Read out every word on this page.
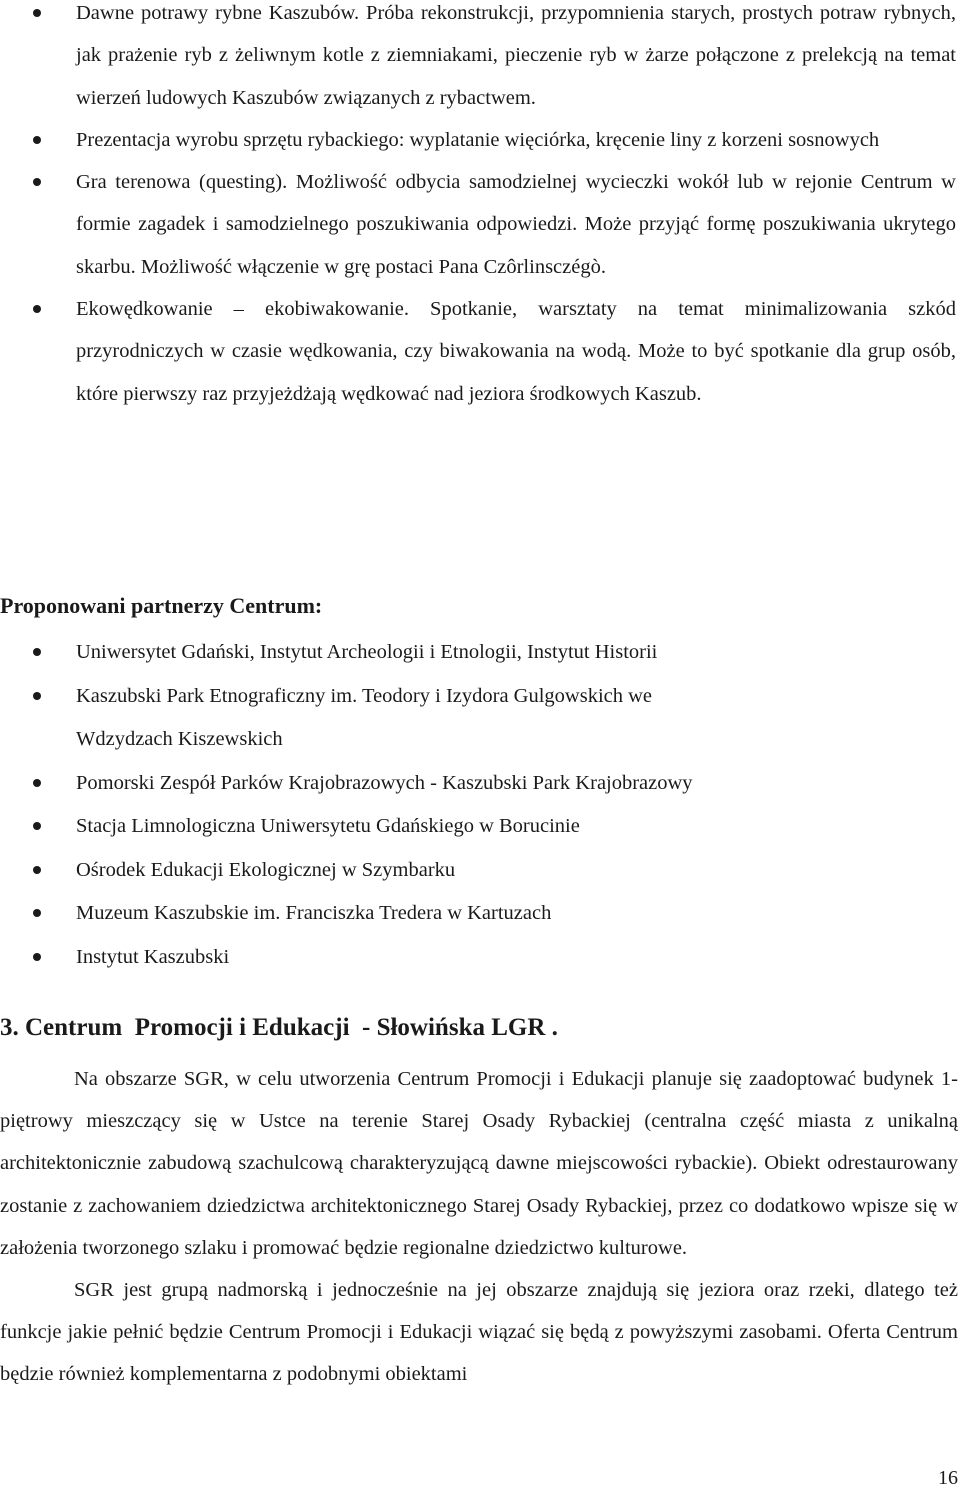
Dawne potrawy rybne Kaszubów. Próba rekonstrukcji, przypomnienia starych, prostych potraw rybnych, jak prażenie ryb z żeliwnym kotle z ziemniakami, pieczenie ryb w żarze połączone z prelekcją na temat wierzeń ludowych Kaszubów związanych z rybactwem.
Prezentacja wyrobu sprzętu rybackiego: wyplatanie więciórka, kręcenie liny z korzeni sosnowych
Gra terenowa (questing). Możliwość odbycia samodzielnej wycieczki wokół lub w rejonie Centrum w formie zagadek i samodzielnego poszukiwania odpowiedzi. Może przyjąć formę poszukiwania ukrytego skarbu. Możliwość włączenie w grę postaci Pana Czôrlinsczégò.
Ekowędkowanie – ekobiwakowanie. Spotkanie, warsztaty na temat minimalizowania szkód przyrodniczych w czasie wędkowania, czy biwakowania na wodą. Może to być spotkanie dla grup osób, które pierwszy raz przyjeżdżają wędkować nad jeziora środkowych Kaszub.
Proponowani partnerzy Centrum:
Uniwersytet Gdański, Instytut Archeologii i Etnologii, Instytut Historii
Kaszubski Park Etnograficzny im. Teodory i Izydora Gulgowskich we Wdzydzach Kiszewskich
Pomorski Zespół Parków Krajobrazowych - Kaszubski Park Krajobrazowy
Stacja Limnologiczna Uniwersytetu Gdańskiego w Borucinie
Ośrodek Edukacji Ekologicznej w Szymbarku
Muzeum Kaszubskie im. Franciszka Tredera w Kartuzach
Instytut Kaszubski
3. Centrum  Promocji i Edukacji  - Słowińska LGR .

Na obszarze SGR, w celu utworzenia Centrum Promocji i Edukacji planuje się zaadoptować budynek 1-piętrowy mieszczący się w Ustce na terenie Starej Osady Rybackiej (centralna część miasta z unikalną architektonicznie zabudową szachulcową charakteryzującą dawne miejscowości rybackie). Obiekt odrestaurowany zostanie z zachowaniem dziedzictwa architektonicznego Starej Osady Rybackiej, przez co dodatkowo wpisze się w założenia tworzonego szlaku i promować będzie regionalne dziedzictwo kulturowe.

SGR jest grupą nadmorską i jednocześnie na jej obszarze znajdują się jeziora oraz rzeki, dlatego też funkcje jakie pełnić będzie Centrum Promocji i Edukacji wiązać się będą z powyższymi zasobami. Oferta Centrum będzie również komplementarna z podobnymi obiektami

16
